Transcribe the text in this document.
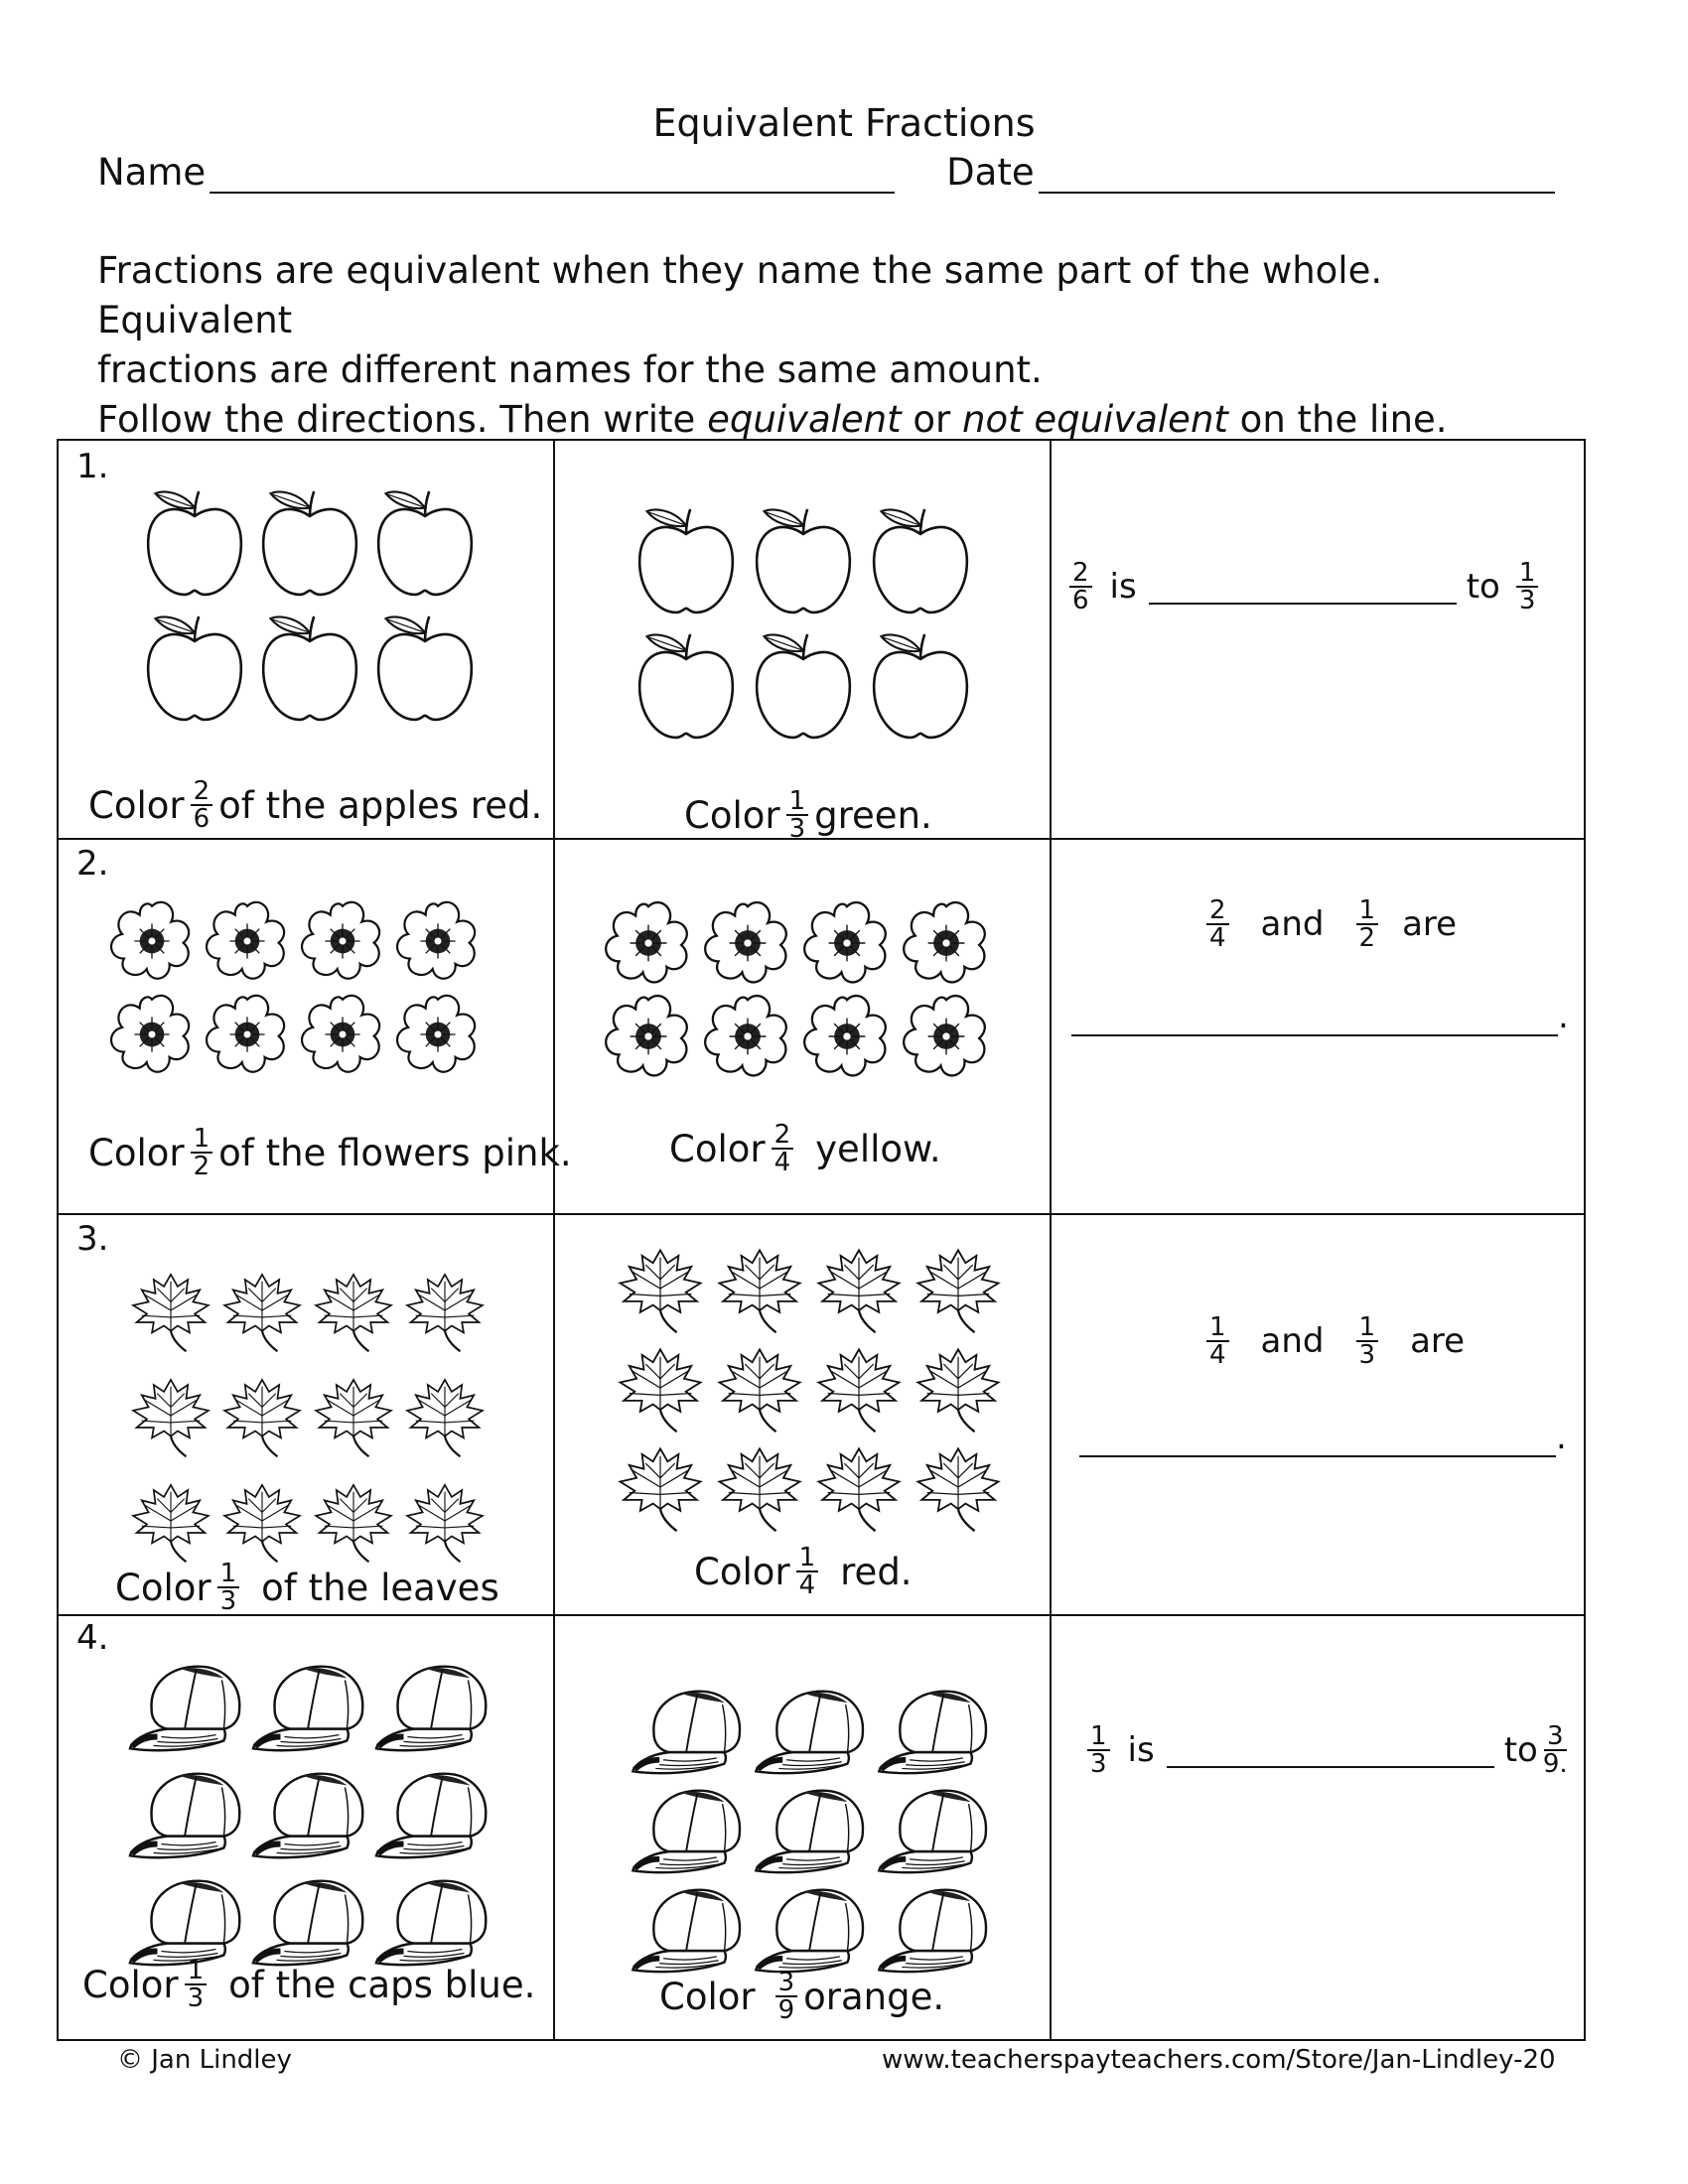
Equivalent Fractions
Name	Date

Fractions are equivalent when they name the same part of the whole. Equivalent

fractions are different names for the same amount.

Follow the directions. Then write equivalent or not equivalent on the line.

1.
Color $\frac{2}{6}$ of the apples red.	Color $\frac{1}{3}$ green.
$\frac{2}{6}$ is	to $\frac{1}{3}$
2.
Color $\frac{1}{2}$ of the flowers pink.	Color $\frac{2}{4}$ yellow.
$\frac{2}{4}$ and $\frac{1}{2}$ are
.
3.
Color $\frac{1}{3}$ of the leaves	Color $\frac{1}{4}$ red.
$\frac{1}{4}$ and $\frac{1}{3}$ are
.
4.
Color $\frac{1}{3}$ of the caps blue.	Color $\frac{3}{9}$ orange.
$\frac{1}{3}$ is	to $\frac{3}{9.}$
© Jan Lindley	www.teacherspayteachers.com/Store/Jan-Lindley-20
